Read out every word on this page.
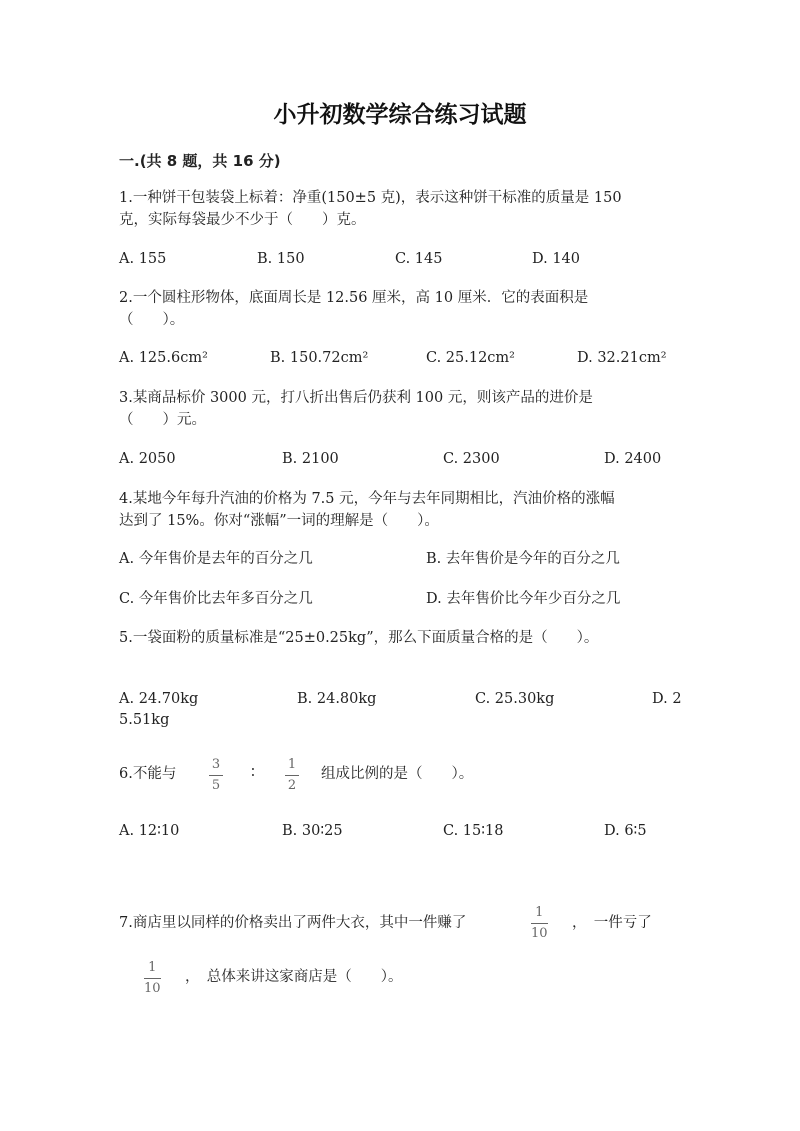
小升初数学综合练习试题
一.(共 8 题，共 16 分)
1.一种饼干包装袋上标着：净重(150±5 克)，表示这种饼干标准的质量是 150
克，实际每袋最少不少于（　　）克。
A. 155	B. 150	C. 145	D. 140
2.一个圆柱形物体，底面周长是 12.56 厘米，高 10 厘米．它的表面积是
（　　）。
A. 125.6cm²	B. 150.72cm²	C. 25.12cm²	D. 32.21cm²
3.某商品标价 3000 元，打八折出售后仍获利 100 元，则该产品的进价是
（　　）元。
A. 2050	B. 2100	C. 2300	D. 2400
4.某地今年每升汽油的价格为 7.5 元，今年与去年同期相比，汽油价格的涨幅
达到了 15%。你对“涨幅”一词的理解是（　　）。
A. 今年售价是去年的百分之几	B. 去年售价是今年的百分之几
C. 今年售价比去年多百分之几	D. 去年售价比今年少百分之几
5.一袋面粉的质量标准是“25±0.25kg”，那么下面质量合格的是（　　）。
A. 24.70kg	B. 24.80kg	C. 25.30kg	D. 2
5.51kg
6.不能与
3
5
∶	1
2
组成比例的是（　　）。
A. 12∶10	B. 30∶25	C. 15∶18	D. 6∶5
7.商店里以同样的价格卖出了两件大衣，其中一件赚了
1
10
，　一件亏了
1
10
，　总体来讲这家商店是（　　）。
